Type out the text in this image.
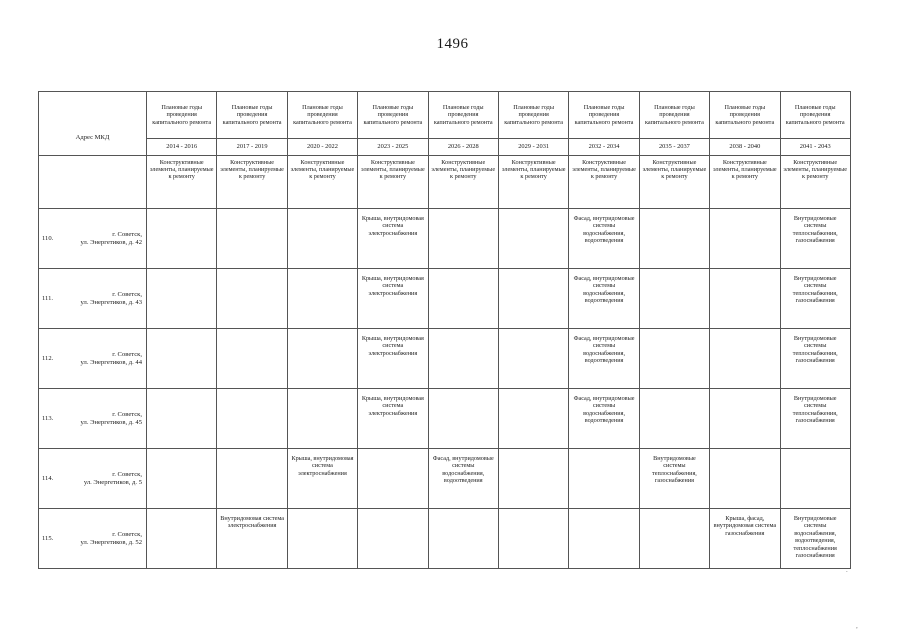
1496
Адрес МКД		Плановые годы проведения капитального ремонта	Плановые годы проведения капитального ремонта	Плановые годы проведения капитального ремонта	Плановые годы проведения капитального ремонта	Плановые годы проведения капитального ремонта	Плановые годы проведения капитального ремонта	Плановые годы проведения капитального ремонта	Плановые годы проведения капитального ремонта	Плановые годы проведения капитального ремонта	Плановые годы проведения капитального ремонта
		2014 - 2016	2017 - 2019	2020 - 2022	2023 - 2025	2026 - 2028	2029 - 2031	2032 - 2034	2035 - 2037	2038 - 2040	2041 - 2043
		Конструктивные элементы, планируемые к ремонту	Конструктивные элементы, планируемые к ремонту	Конструктивные элементы, планируемые к ремонту	Конструктивные элементы, планируемые к ремонту	Конструктивные элементы, планируемые к ремонту	Конструктивные элементы, планируемые к ремонту	Конструктивные элементы, планируемые к ремонту	Конструктивные элементы, планируемые к ремонту	Конструктивные элементы, планируемые к ремонту	Конструктивные элементы, планируемые к ремонту
110.	г. Советск,
ул. Энергетиков, д. 42				Крыша, внутридомовая система электроснабжения			Фасад, внутридомовые системы водоснабжения, водоотведения			Внутридомовые системы теплоснабжения, газоснабжения
111.	г. Советск,
ул. Энергетиков, д. 43				Крыша, внутридомовая система электроснабжения			Фасад, внутридомовые системы водоснабжения, водоотведения			Внутридомовые системы теплоснабжения, газоснабжения
112.	г. Советск,
ул. Энергетиков, д. 44				Крыша, внутридомовая система электроснабжения			Фасад, внутридомовые системы водоснабжения, водоотведения			Внутридомовые системы теплоснабжения, газоснабжения
113.	г. Советск,
ул. Энергетиков, д. 45				Крыша, внутридомовая система электроснабжения			Фасад, внутридомовые системы водоснабжения, водоотведения			Внутридомовые системы теплоснабжения, газоснабжения
114.	г. Советск,
ул. Энергетиков, д. 5			Крыша, внутридомовая система электроснабжения		Фасад, внутридомовые системы водоснабжения, водоотведения			Внутридомовые системы теплоснабжения, газоснабжения		
115.	г. Советск,
ул. Энергетиков, д. 52		Внутридомовая система электроснабжения							Крыша, фасад, внутридомовая система газоснабжения	Внутридомовые системы водоснабжения, водоотведения, теплоснабжения газоснабжения
.
,
